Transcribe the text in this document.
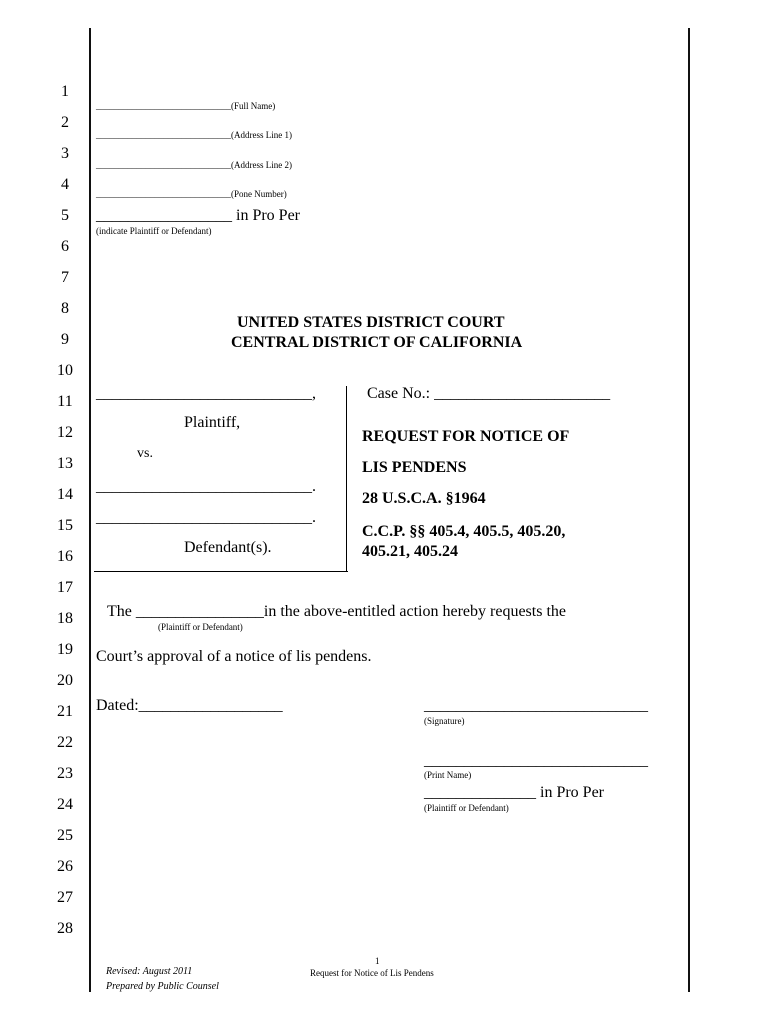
1
2
3
4
5
6
7
8
9
10
11
12
13
14
15
16
17
18
19
20
21
22
23
24
25
26
27
28
______________________________(Full Name)
______________________________(Address Line 1)
______________________________(Address Line 2)
______________________________(Pone Number)
_________________ in Pro Per
(indicate Plaintiff or Defendant)
UNITED STATES DISTRICT COURT
CENTRAL DISTRICT OF CALIFORNIA
___________________________,
Plaintiff,
vs.
___________________________.
___________________________.
Defendant(s).
Case No.: ______________________
REQUEST FOR NOTICE OF
LIS PENDENS
28 U.S.C.A. §1964
C.C.P. §§ 405.4, 405.5, 405.20,
405.21, 405.24
The ________________in the above-entitled action hereby requests the
(Plaintiff or Defendant)
Court’s approval of a notice of lis pendens.
Dated:__________________	____________________________
(Signature)
____________________________
(Print Name)
______________ in Pro Per
(Plaintiff or Defendant)
1
Request for Notice of Lis Pendens
Revised: August 2011
Prepared by Public Counsel
